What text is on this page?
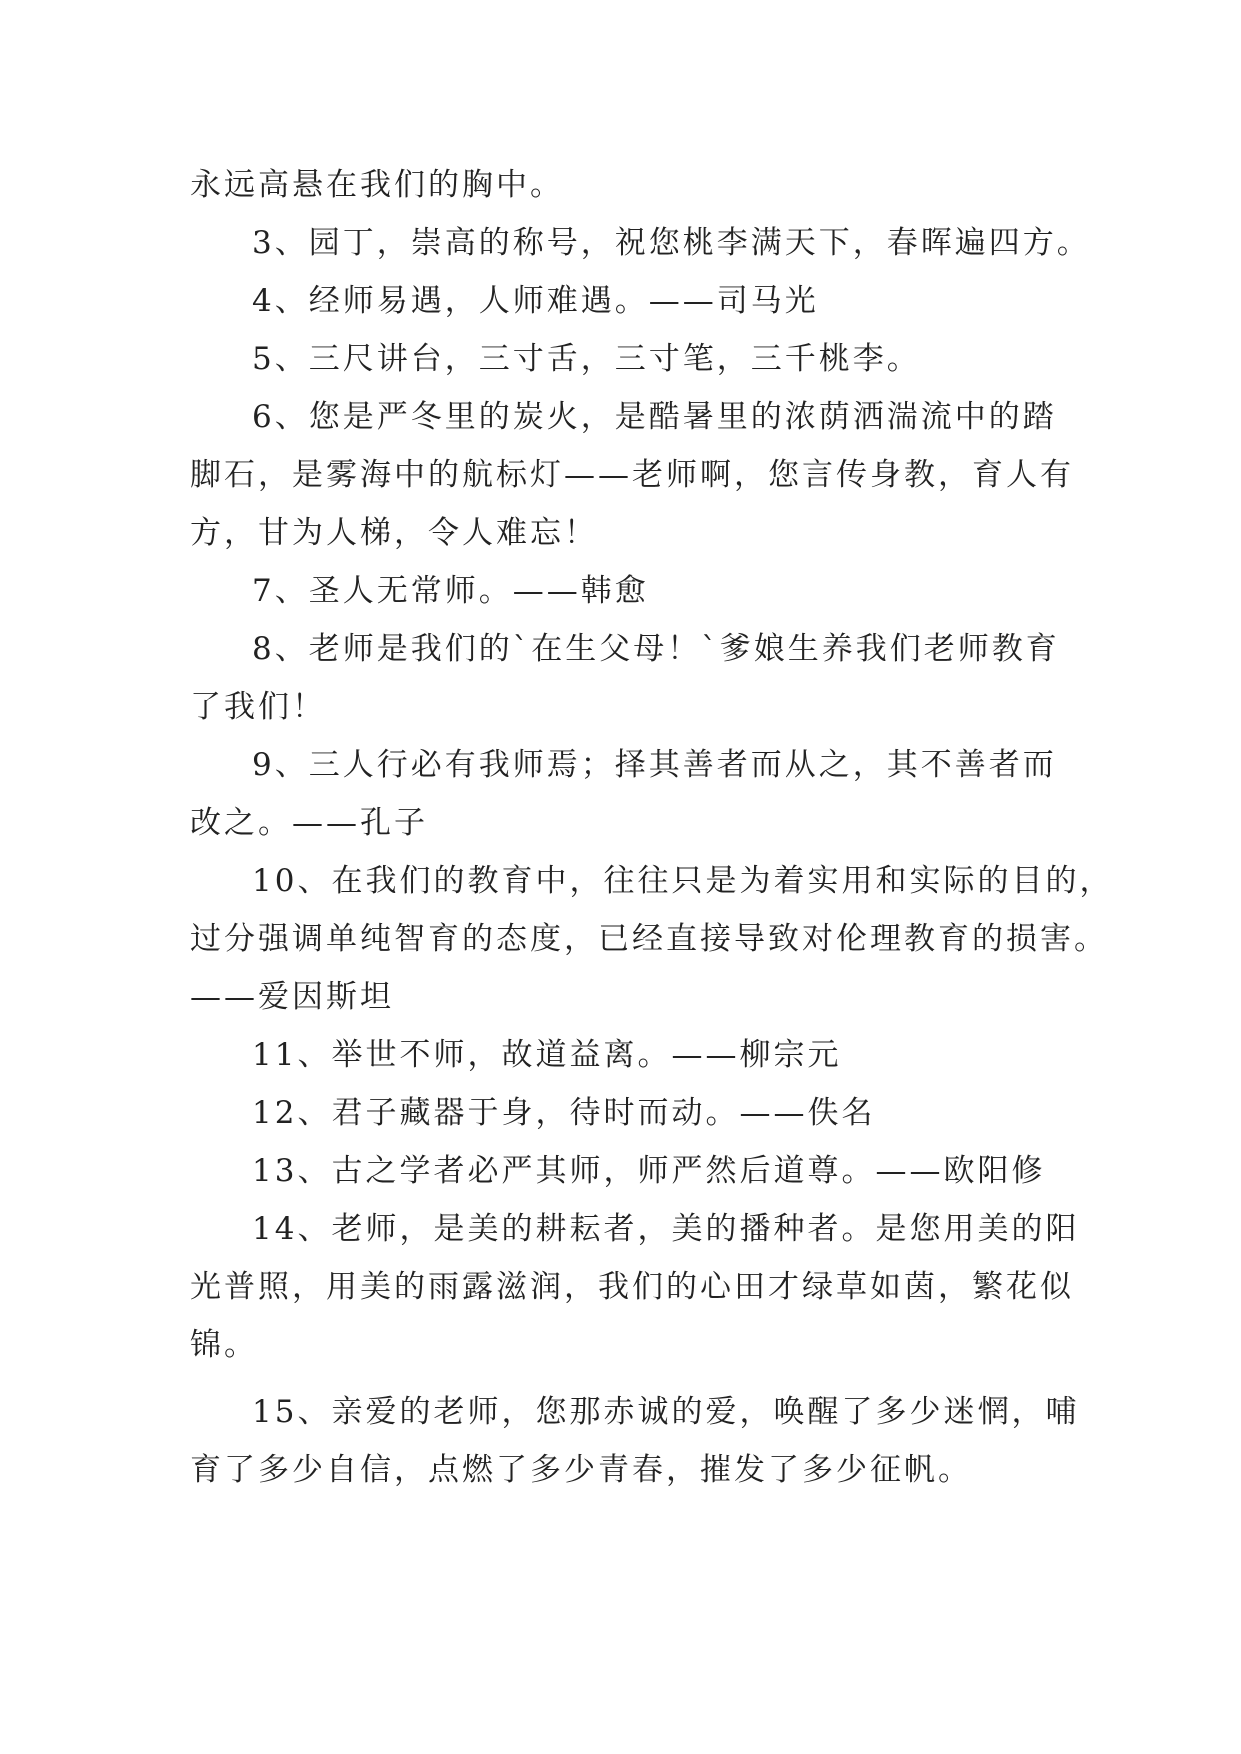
永远高悬在我们的胸中。
3、园丁，崇高的称号，祝您桃李满天下，春晖遍四方。
4、经师易遇，人师难遇。——司马光
5、三尺讲台，三寸舌，三寸笔，三千桃李。
6、您是严冬里的炭火，是酷暑里的浓荫洒湍流中的踏
脚石，是雾海中的航标灯——老师啊，您言传身教，育人有
方，甘为人梯，令人难忘！
7、圣人无常师。——韩愈
8、老师是我们的`在生父母！`爹娘生养我们老师教育
了我们！
9、三人行必有我师焉；择其善者而从之，其不善者而
改之。——孔子
10、在我们的教育中，往往只是为着实用和实际的目的，
过分强调单纯智育的态度，已经直接导致对伦理教育的损害。
——爱因斯坦
11、举世不师，故道益离。——柳宗元
12、君子藏器于身，待时而动。——佚名
13、古之学者必严其师，师严然后道尊。——欧阳修
14、老师，是美的耕耘者，美的播种者。是您用美的阳
光普照，用美的雨露滋润，我们的心田才绿草如茵，繁花似
锦。
15、亲爱的老师，您那赤诚的爱，唤醒了多少迷惘，哺
育了多少自信，点燃了多少青春，摧发了多少征帆。
